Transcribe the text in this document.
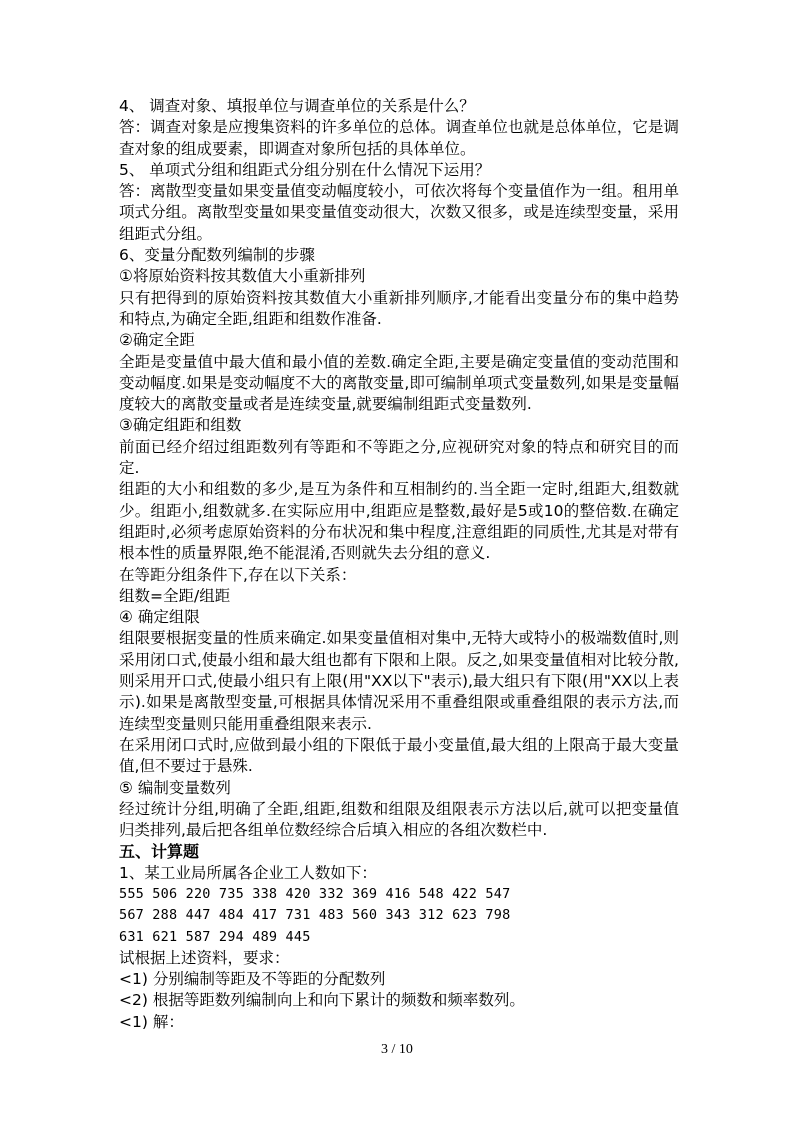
4、 调查对象、填报单位与调查单位的关系是什么？

答：调查对象是应搜集资料的许多单位的总体。调查单位也就是总体单位，它是调查对象的组成要素，即调查对象所包括的具体单位。

5、 单项式分组和组距式分组分别在什么情况下运用？

答：离散型变量如果变量值变动幅度较小，可依次将每个变量值作为一组。租用单项式分组。离散型变量如果变量值变动很大，次数又很多，或是连续型变量，采用组距式分组。

6、变量分配数列编制的步骤

①将原始资料按其数值大小重新排列

只有把得到的原始资料按其数值大小重新排列顺序,才能看出变量分布的集中趋势和特点,为确定全距,组距和组数作准备.

②确定全距

全距是变量值中最大值和最小值的差数.确定全距,主要是确定变量值的变动范围和变动幅度.如果是变动幅度不大的离散变量,即可编制单项式变量数列,如果是变量幅度较大的离散变量或者是连续变量,就要编制组距式变量数列.

③确定组距和组数

前面已经介绍过组距数列有等距和不等距之分,应视研究对象的特点和研究目的而定.

组距的大小和组数的多少,是互为条件和互相制约的.当全距一定时,组距大,组数就少。组距小,组数就多.在实际应用中,组距应是整数,最好是5或10的整倍数.在确定组距时,必须考虑原始资料的分布状况和集中程度,注意组距的同质性,尤其是对带有根本性的质量界限,绝不能混淆,否则就失去分组的意义.

在等距分组条件下,存在以下关系：

组数=全距/组距

④ 确定组限

组限要根据变量的性质来确定.如果变量值相对集中,无特大或特小的极端数值时,则采用闭口式,使最小组和最大组也都有下限和上限。反之,如果变量值相对比较分散,则采用开口式,使最小组只有上限(用"XX以下"表示),最大组只有下限(用"XX以上表示).如果是离散型变量,可根据具体情况采用不重叠组限或重叠组限的表示方法,而连续型变量则只能用重叠组限来表示.

在采用闭口式时,应做到最小组的下限低于最小变量值,最大组的上限高于最大变量值,但不要过于悬殊.

⑤ 编制变量数列

经过统计分组,明确了全距,组距,组数和组限及组限表示方法以后,就可以把变量值归类排列,最后把各组单位数经综合后填入相应的各组次数栏中.

五、计算题

1、某工业局所属各企业工人数如下：

555 506 220 735 338 420 332 369 416 548 422 547

567 288 447 484 417 731 483 560 343 312 623 798

631 621 587 294 489 445

试根据上述资料，要求：

<1) 分别编制等距及不等距的分配数列

<2) 根据等距数列编制向上和向下累计的频数和频率数列。

<1) 解：

3 / 10
